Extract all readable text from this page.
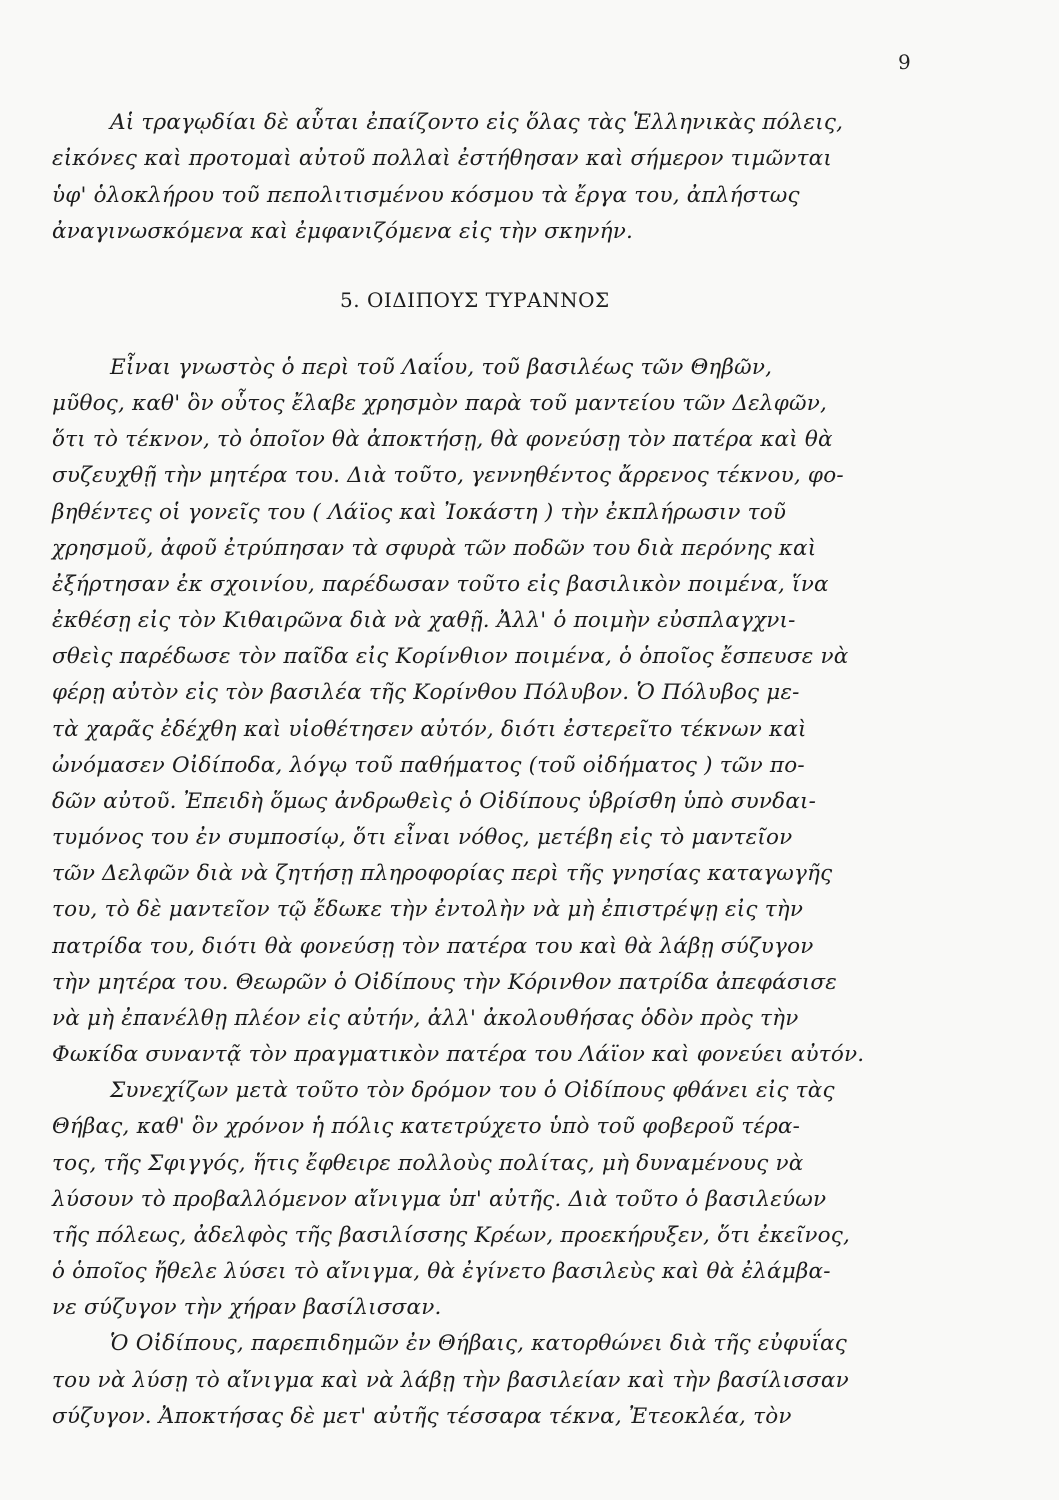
9
Αἱ τραγῳδίαι δὲ αὗται ἐπαίζοντο εἰς ὅλας τὰς Ἑλληνικὰς πόλεις,
εἰκόνες καὶ προτομαὶ αὐτοῦ πολλαὶ ἐστήθησαν καὶ σήμερον τιμῶνται
ὑφ' ὁλοκλήρου τοῦ πεπολιτισμένου κόσμου τὰ ἔργα του, ἀπλήστως
ἀναγινωσκόμενα καὶ ἐμφανιζόμενα εἰς τὴν σκηνήν.
5. ΟΙΔΙΠΟΥΣ ΤΥΡΑΝΝΟΣ
Εἶναι γνωστὸς ὁ περὶ τοῦ Λαΐου, τοῦ βασιλέως τῶν Θηβῶν,
μῦθος, καθ' ὃν οὗτος ἔλαβε χρησμὸν παρὰ τοῦ μαντείου τῶν Δελφῶν,
ὅτι τὸ τέκνον, τὸ ὁποῖον θὰ ἀποκτήσῃ, θὰ φονεύσῃ τὸν πατέρα καὶ θὰ
συζευχθῇ τὴν μητέρα του. Διὰ τοῦτο, γεννηθέντος ἄρρενος τέκνου, φο-
βηθέντες οἱ γονεῖς του ( Λάϊος καὶ Ἰοκάστη ) τὴν ἐκπλήρωσιν τοῦ
χρησμοῦ, ἀφοῦ ἐτρύπησαν τὰ σφυρὰ τῶν ποδῶν του διὰ περόνης καὶ
ἐξήρτησαν ἐκ σχοινίου, παρέδωσαν τοῦτο εἰς βασιλικὸν ποιμένα, ἵνα
ἐκθέσῃ εἰς τὸν Κιθαιρῶνα διὰ νὰ χαθῇ. Ἀλλ' ὁ ποιμὴν εὐσπλαγχνι-
σθεὶς παρέδωσε τὸν παῖδα εἰς Κορίνθιον ποιμένα, ὁ ὁποῖος ἔσπευσε νὰ
φέρῃ αὐτὸν εἰς τὸν βασιλέα τῆς Κορίνθου Πόλυβον. Ὁ Πόλυβος με-
τὰ χαρᾶς ἐδέχθη καὶ υἱοθέτησεν αὐτόν, διότι ἐστερεῖτο τέκνων καὶ
ὠνόμασεν Οἰδίποδα, λόγῳ τοῦ παθήματος (τοῦ οἰδήματος ) τῶν πο-
δῶν αὐτοῦ. Ἐπειδὴ ὅμως ἀνδρωθεὶς ὁ Οἰδίπους ὑβρίσθη ὑπὸ συνδαι-
τυμόνος του ἐν συμποσίῳ, ὅτι εἶναι νόθος, μετέβη εἰς τὸ μαντεῖον
τῶν Δελφῶν διὰ νὰ ζητήσῃ πληροφορίας περὶ τῆς γνησίας καταγωγῆς
του, τὸ δὲ μαντεῖον τῷ ἔδωκε τὴν ἐντολὴν νὰ μὴ ἐπιστρέψῃ εἰς τὴν
πατρίδα του, διότι θὰ φονεύσῃ τὸν πατέρα του καὶ θὰ λάβῃ σύζυγον
τὴν μητέρα του. Θεωρῶν ὁ Οἰδίπους τὴν Κόρινθον πατρίδα ἀπεφάσισε
νὰ μὴ ἐπανέλθῃ πλέον εἰς αὐτήν, ἀλλ' ἀκολουθήσας ὁδὸν πρὸς τὴν
Φωκίδα συναντᾷ τὸν πραγματικὸν πατέρα του Λάϊον καὶ φονεύει αὐτόν.
Συνεχίζων μετὰ τοῦτο τὸν δρόμον του ὁ Οἰδίπους φθάνει εἰς τὰς
Θήβας, καθ' ὃν χρόνον ἡ πόλις κατετρύχετο ὑπὸ τοῦ φοβεροῦ τέρα-
τος, τῆς Σφιγγός, ἥτις ἔφθειρε πολλοὺς πολίτας, μὴ δυναμένους νὰ
λύσουν τὸ προβαλλόμενον αἴνιγμα ὑπ' αὐτῆς. Διὰ τοῦτο ὁ βασιλεύων
τῆς πόλεως, ἀδελφὸς τῆς βασιλίσσης Κρέων, προεκήρυξεν, ὅτι ἐκεῖνος,
ὁ ὁποῖος ἤθελε λύσει τὸ αἴνιγμα, θὰ ἐγίνετο βασιλεὺς καὶ θὰ ἐλάμβα-
νε σύζυγον τὴν χήραν βασίλισσαν.
Ὁ Οἰδίπους, παρεπιδημῶν ἐν Θήβαις, κατορθώνει διὰ τῆς εὐφυΐας
του νὰ λύσῃ τὸ αἴνιγμα καὶ νὰ λάβῃ τὴν βασιλείαν καὶ τὴν βασίλισσαν
σύζυγον. Ἀποκτήσας δὲ μετ' αὐτῆς τέσσαρα τέκνα, Ἐτεοκλέα, τὸν
